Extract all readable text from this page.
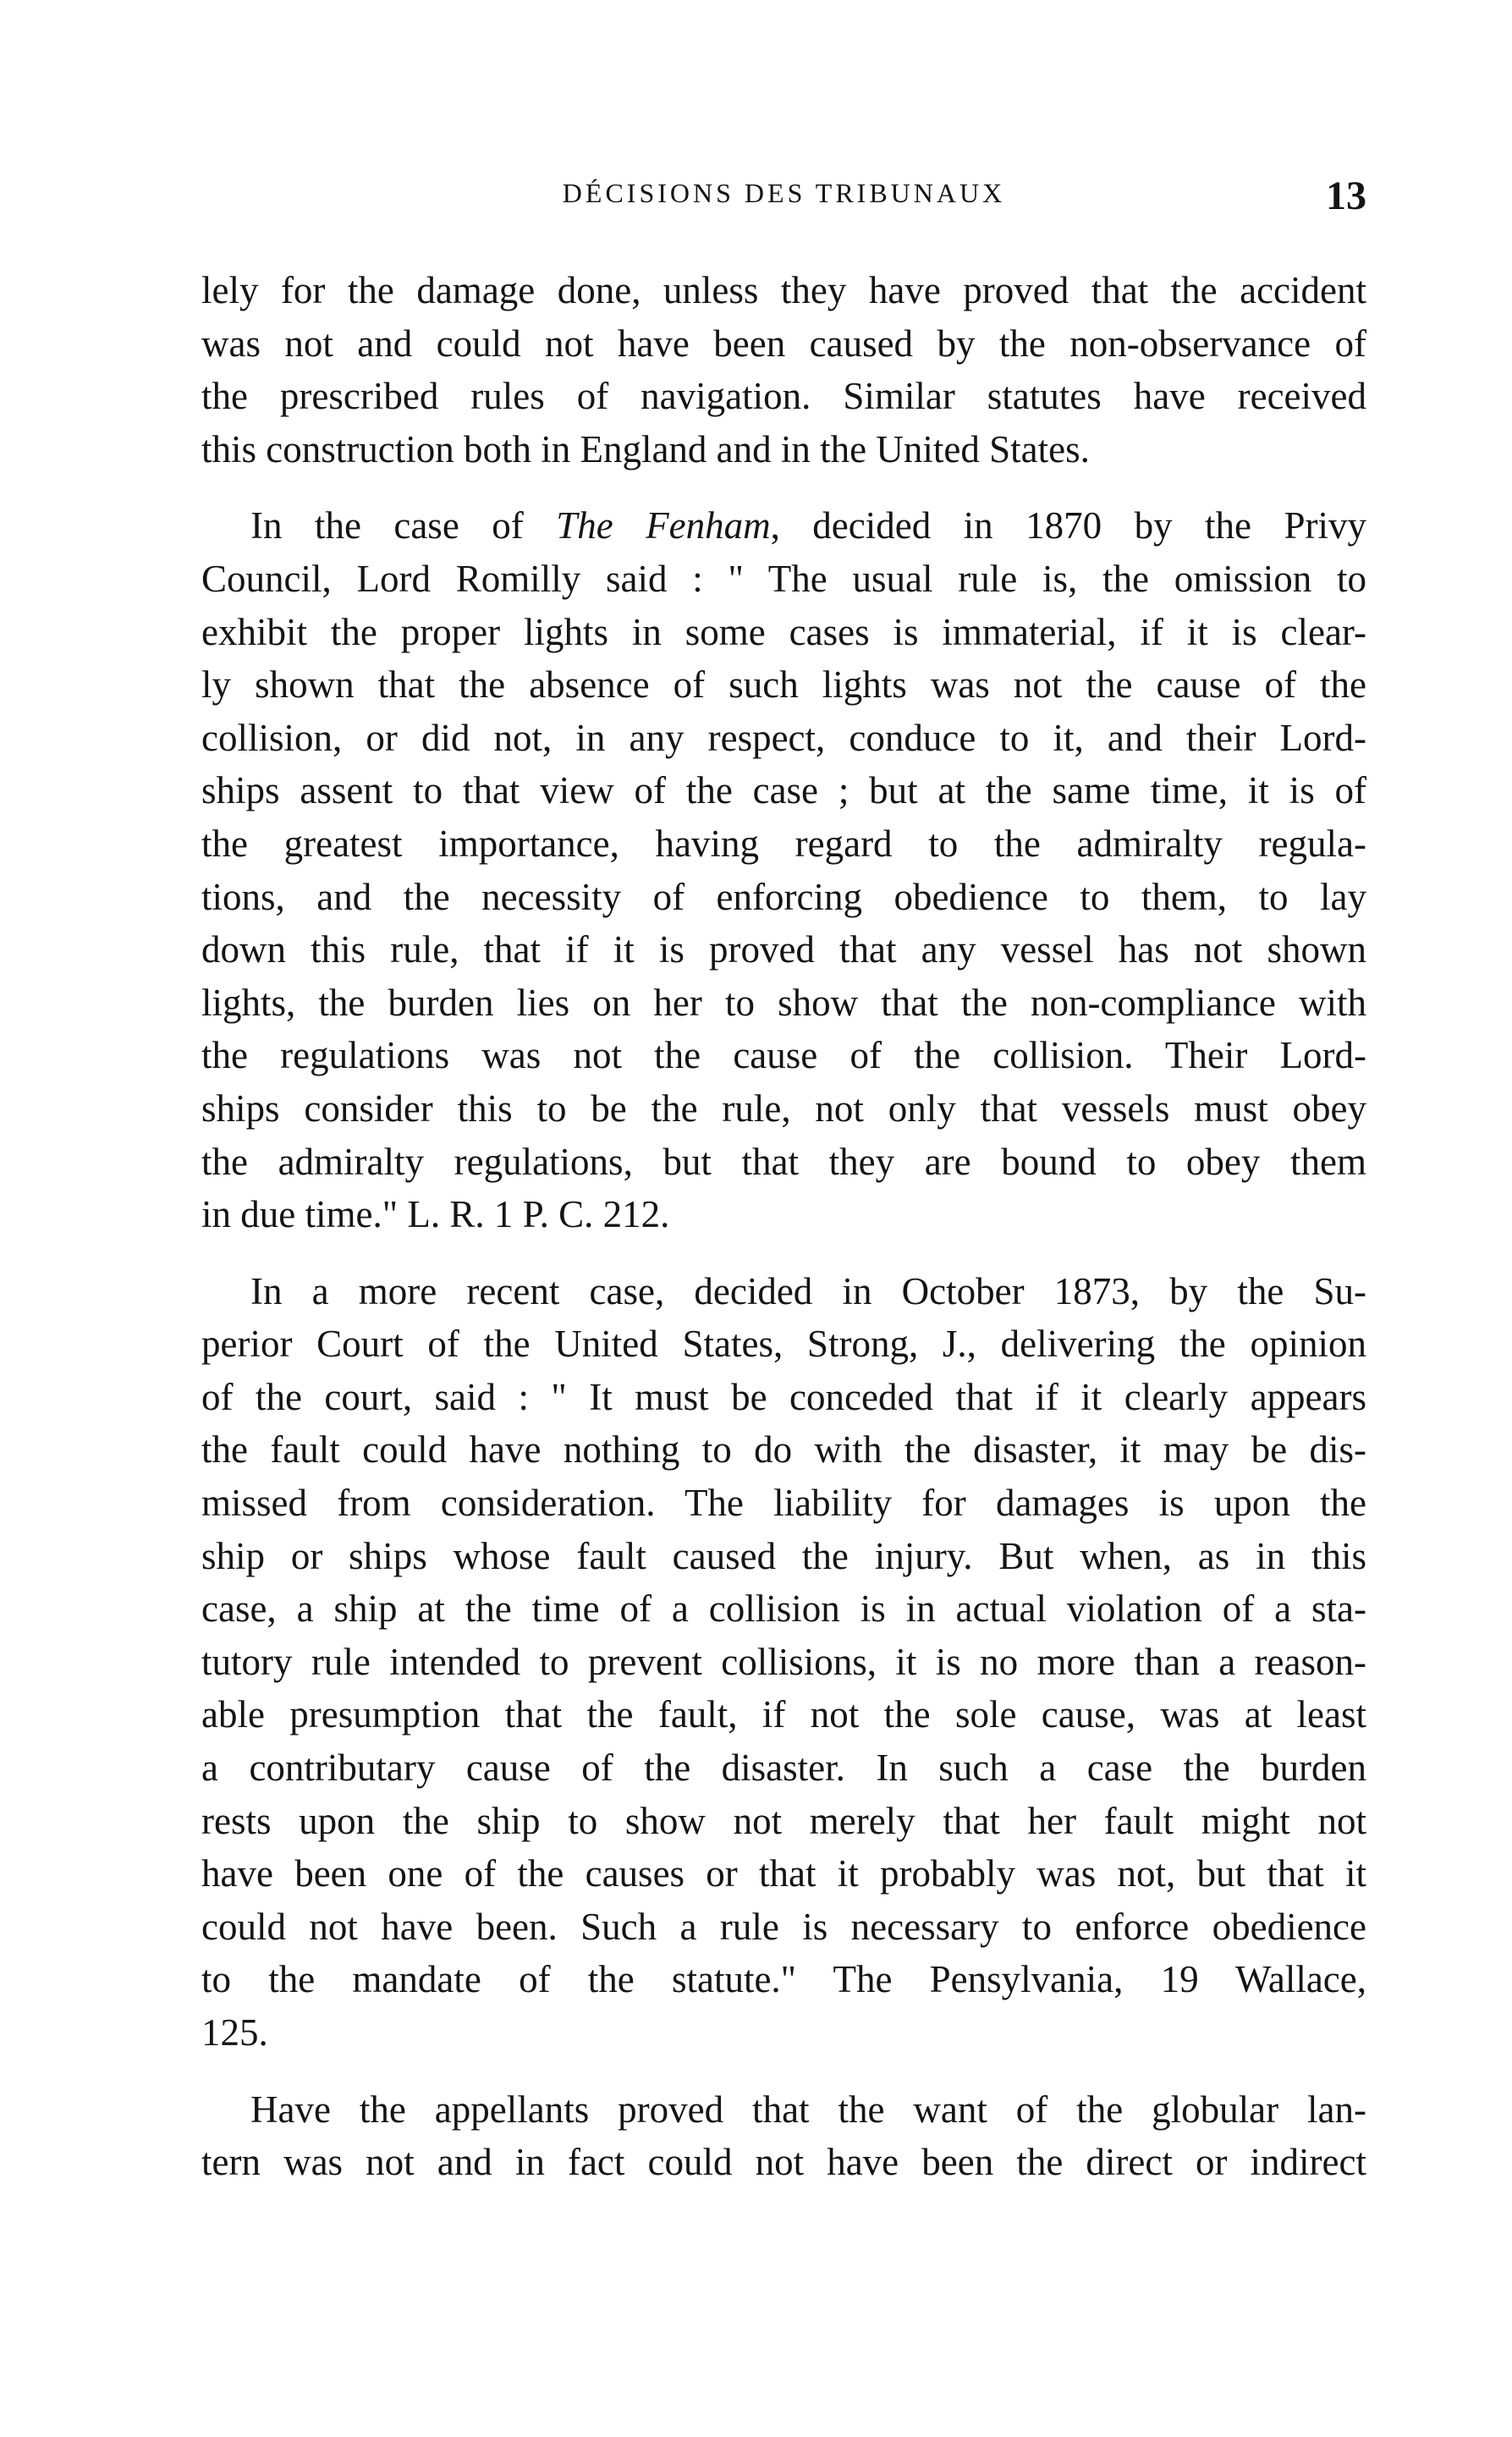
DÉCISIONS DES TRIBUNAUX	13
lely for the damage done, unless they have proved that the accident
was not and could not have been caused by the non-observance of
the prescribed rules of navigation. Similar statutes have received
this construction both in England and in the United States.
In the case of The Fenham, decided in 1870 by the Privy
Council, Lord Romilly said : " The usual rule is, the omission to
exhibit the proper lights in some cases is immaterial, if it is clear-
ly shown that the absence of such lights was not the cause of the
collision, or did not, in any respect, conduce to it, and their Lord-
ships assent to that view of the case ; but at the same time, it is of
the greatest importance, having regard to the admiralty regula-
tions, and the necessity of enforcing obedience to them, to lay
down this rule, that if it is proved that any vessel has not shown
lights, the burden lies on her to show that the non-compliance with
the regulations was not the cause of the collision. Their Lord-
ships consider this to be the rule, not only that vessels must obey
the admiralty regulations, but that they are bound to obey them
in due time." L. R. 1 P. C. 212.
In a more recent case, decided in October 1873, by the Su-
perior Court of the United States, Strong, J., delivering the opinion
of the court, said : " It must be conceded that if it clearly appears
the fault could have nothing to do with the disaster, it may be dis-
missed from consideration. The liability for damages is upon the
ship or ships whose fault caused the injury. But when, as in this
case, a ship at the time of a collision is in actual violation of a sta-
tutory rule intended to prevent collisions, it is no more than a reason-
able presumption that the fault, if not the sole cause, was at least
a contributary cause of the disaster. In such a case the burden
rests upon the ship to show not merely that her fault might not
have been one of the causes or that it probably was not, but that it
could not have been. Such a rule is necessary to enforce obedience
to the mandate of the statute." The Pensylvania, 19 Wallace,
125.
Have the appellants proved that the want of the globular lan-
tern was not and in fact could not have been the direct or indirect
